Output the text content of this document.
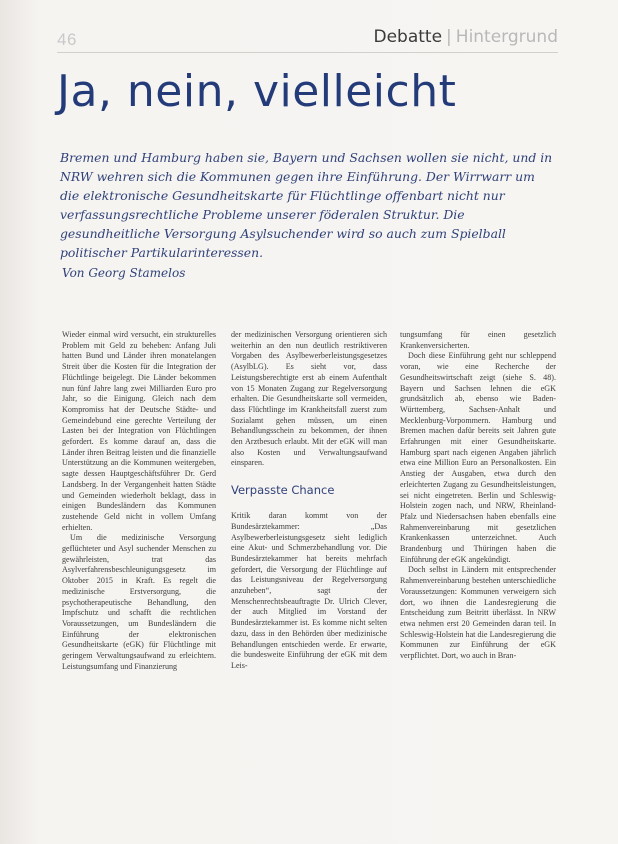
46	Debatte | Hintergrund
Ja, nein, vielleicht

Bremen und Hamburg haben sie, Bayern und Sachsen wollen sie nicht, und in NRW wehren sich die Kommunen gegen ihre Einführung. Der Wirrwarr um die elektronische Gesundheitskarte für Flüchtlinge offenbart nicht nur verfassungsrechtliche Probleme unserer föderalen Struktur. Die gesundheitliche Versorgung Asylsuchender wird so auch zum Spielball politischer Partikularinteressen.

Von Georg Stamelos

Wieder einmal wird versucht, ein strukturelles Problem mit Geld zu beheben: Anfang Juli hatten Bund und Länder ihren monatelangen Streit über die Kosten für die Integration der Flüchtlinge beigelegt. Die Länder bekommen nun fünf Jahre lang zwei Milliarden Euro pro Jahr, so die Einigung. Gleich nach dem Kompromiss hat der Deutsche Städte- und Gemeindebund eine gerechte Verteilung der Lasten bei der Integration von Flüchtlingen gefordert. Es komme darauf an, dass die Länder ihren Beitrag leisten und die finanzielle Unterstützung an die Kommunen weitergeben, sagte dessen Hauptgeschäftsführer Dr. Gerd Landsberg. In der Vergangenheit hatten Städte und Gemeinden wiederholt beklagt, dass in einigen Bundesländern das Kommunen zustehende Geld nicht in vollem Umfang erhielten.

Um die medizinische Versorgung geflüchteter und Asyl suchender Menschen zu gewährleisten, trat das Asylverfahrensbeschleunigungsgesetz im Oktober 2015 in Kraft. Es regelt die medizinische Erstversorgung, die psychotherapeutische Behandlung, den Impfschutz und schafft die rechtlichen Voraussetzungen, um Bundesländern die Einführung der elektronischen Gesundheitskarte (eGK) für Flüchtlinge mit geringem Verwaltungsaufwand zu erleichtern. Leistungsumfang und Finanzierung

der medizinischen Versorgung orientieren sich weiterhin an den nun deutlich restriktiveren Vorgaben des Asylbewerberleistungsgesetzes (AsylbLG). Es sieht vor, dass Leistungsberechtigte erst ab einem Aufenthalt von 15 Monaten Zugang zur Regelversorgung erhalten. Die Gesundheitskarte soll vermeiden, dass Flüchtlinge im Krankheitsfall zuerst zum Sozialamt gehen müssen, um einen Behandlungsschein zu bekommen, der ihnen den Arztbesuch erlaubt. Mit der eGK will man also Kosten und Verwaltungsaufwand einsparen.

Verpasste Chance

Kritik daran kommt von der Bundesärztekammer: „Das Asylbewerberleistungsgesetz sieht lediglich eine Akut- und Schmerzbehandlung vor. Die Bundesärztekammer hat bereits mehrfach gefordert, die Versorgung der Flüchtlinge auf das Leistungsniveau der Regelversorgung anzuheben“, sagt der Menschenrechtsbeauftragte Dr. Ulrich Clever, der auch Mitglied im Vorstand der Bundesärztekammer ist. Es komme nicht selten dazu, dass in den Behörden über medizinische Behandlungen entschieden werde. Er erwarte, die bundesweite Einführung der eGK mit dem Leis-

tungsumfang für einen gesetzlich Krankenversicherten.

Doch diese Einführung geht nur schleppend voran, wie eine Recherche der Gesundheitswirtschaft zeigt (siehe S. 48). Bayern und Sachsen lehnen die eGK grundsätzlich ab, ebenso wie Baden-Württemberg, Sachsen-Anhalt und Mecklenburg-Vorpommern. Hamburg und Bremen machen dafür bereits seit Jahren gute Erfahrungen mit einer Gesundheitskarte. Hamburg spart nach eigenen Angaben jährlich etwa eine Million Euro an Personalkosten. Ein Anstieg der Ausgaben, etwa durch den erleichterten Zugang zu Gesundheitsleistungen, sei nicht eingetreten. Berlin und Schleswig-Holstein zogen nach, und NRW, Rheinland-Pfalz und Niedersachsen haben ebenfalls eine Rahmenvereinbarung mit gesetzlichen Krankenkassen unterzeichnet. Auch Brandenburg und Thüringen haben die Einführung der eGK angekündigt.

Doch selbst in Ländern mit entsprechender Rahmenvereinbarung bestehen unterschiedliche Voraussetzungen: Kommunen verweigern sich dort, wo ihnen die Landesregierung die Entscheidung zum Beitritt überlässt. In NRW etwa nehmen erst 20 Gemeinden daran teil. In Schleswig-Holstein hat die Landesregierung die Kommunen zur Einführung der eGK verpflichtet. Dort, wo auch in Bran-
